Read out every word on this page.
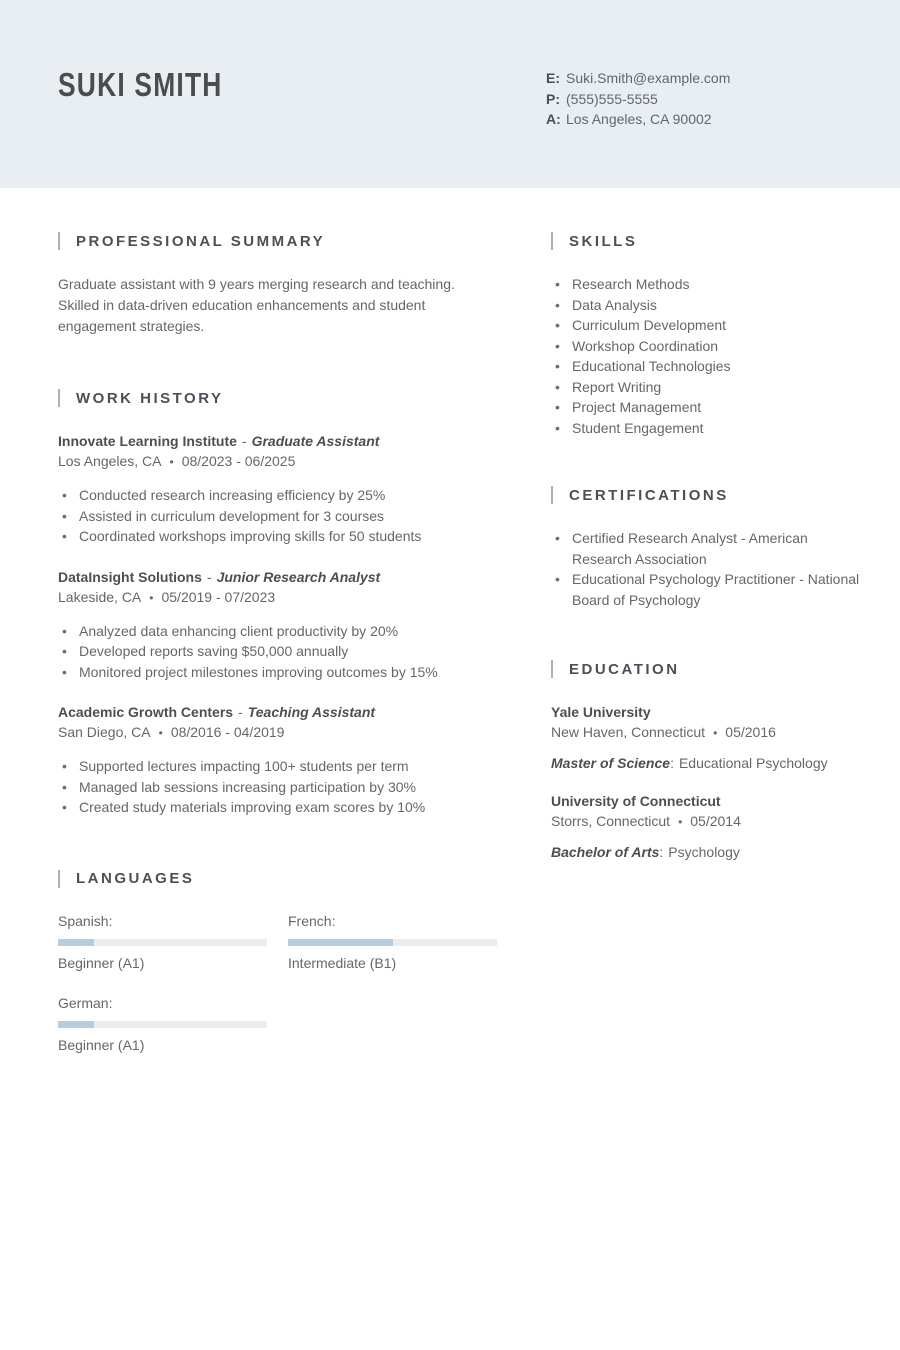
SUKI SMITH	E: Suki.Smith@example.com
P: (555)555-5555
A: Los Angeles, CA 90002
PROFESSIONAL SUMMARY

Graduate assistant with 9 years merging research and teaching. Skilled in data-driven education enhancements and student engagement strategies.

WORK HISTORY
Innovate Learning Institute - Graduate Assistant
Los Angeles, CA • 08/2023 - 06/2025
• Conducted research increasing efficiency by 25%
• Assisted in curriculum development for 3 courses
• Coordinated workshops improving skills for 50 students
DataInsight Solutions - Junior Research Analyst
Lakeside, CA • 05/2019 - 07/2023
• Analyzed data enhancing client productivity by 20%
• Developed reports saving $50,000 annually
• Monitored project milestones improving outcomes by 15%
Academic Growth Centers - Teaching Assistant
San Diego, CA • 08/2016 - 04/2019
• Supported lectures impacting 100+ students per term
• Managed lab sessions increasing participation by 30%
• Created study materials improving exam scores by 10%
LANGUAGES
Spanish:
Beginner (A1)
French:
Intermediate (B1)
German:
Beginner (A1)
SKILLS
• Research Methods
• Data Analysis
• Curriculum Development
• Workshop Coordination
• Educational Technologies
• Report Writing
• Project Management
• Student Engagement
CERTIFICATIONS
• Certified Research Analyst - American Research Association
• Educational Psychology Practitioner - National Board of Psychology
EDUCATION
Yale University
New Haven, Connecticut • 05/2016
Master of Science: Educational Psychology
University of Connecticut
Storrs, Connecticut • 05/2014
Bachelor of Arts: Psychology
